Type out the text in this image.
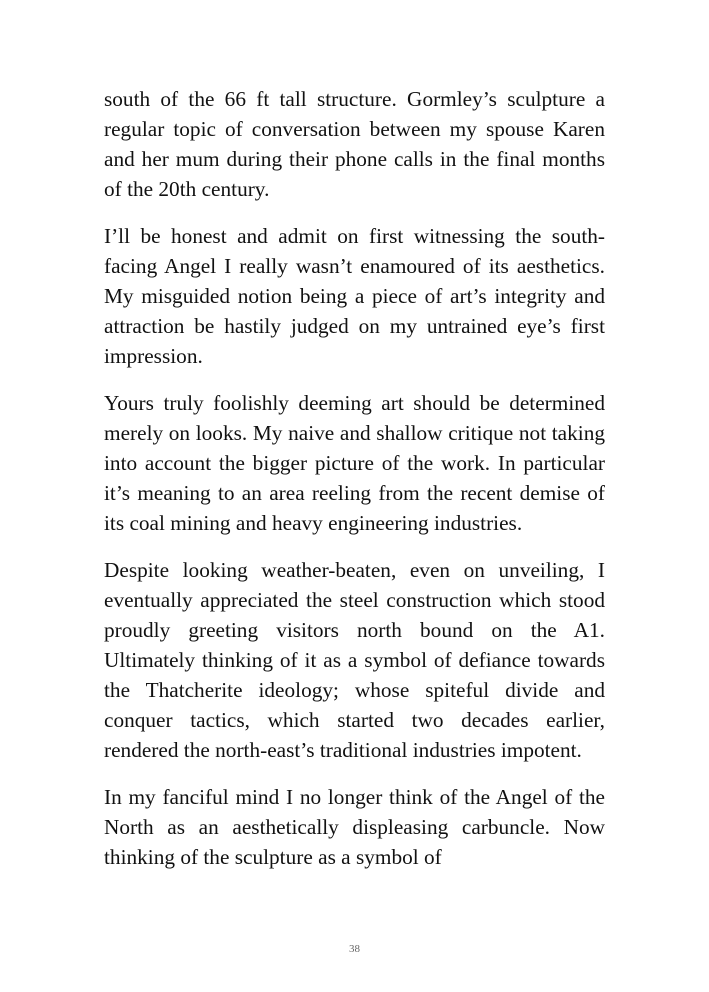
south of the 66 ft tall structure. Gormley’s sculpture a regular topic of conversation between my spouse Karen and her mum during their phone calls in the final months of the 20th century.

I’ll be honest and admit on first witnessing the south-facing Angel I really wasn’t enamoured of its aesthetics. My misguided notion being a piece of art’s integrity and attraction be hastily judged on my untrained eye’s first impression.

Yours truly foolishly deeming art should be determined merely on looks. My naive and shallow critique not taking into account the bigger picture of the work. In particular it’s meaning to an area reeling from the recent demise of its coal mining and heavy engineering industries.

Despite looking weather-beaten, even on unveiling, I eventually appreciated the steel construction which stood proudly greeting visitors north bound on the A1. Ultimately thinking of it as a symbol of defiance towards the Thatcherite ideology; whose spiteful divide and conquer tactics, which started two decades earlier, rendered the north-east’s traditional industries impotent.

In my fanciful mind I no longer think of the Angel of the North as an aesthetically displeasing carbuncle. Now thinking of the sculpture as a symbol of

38
